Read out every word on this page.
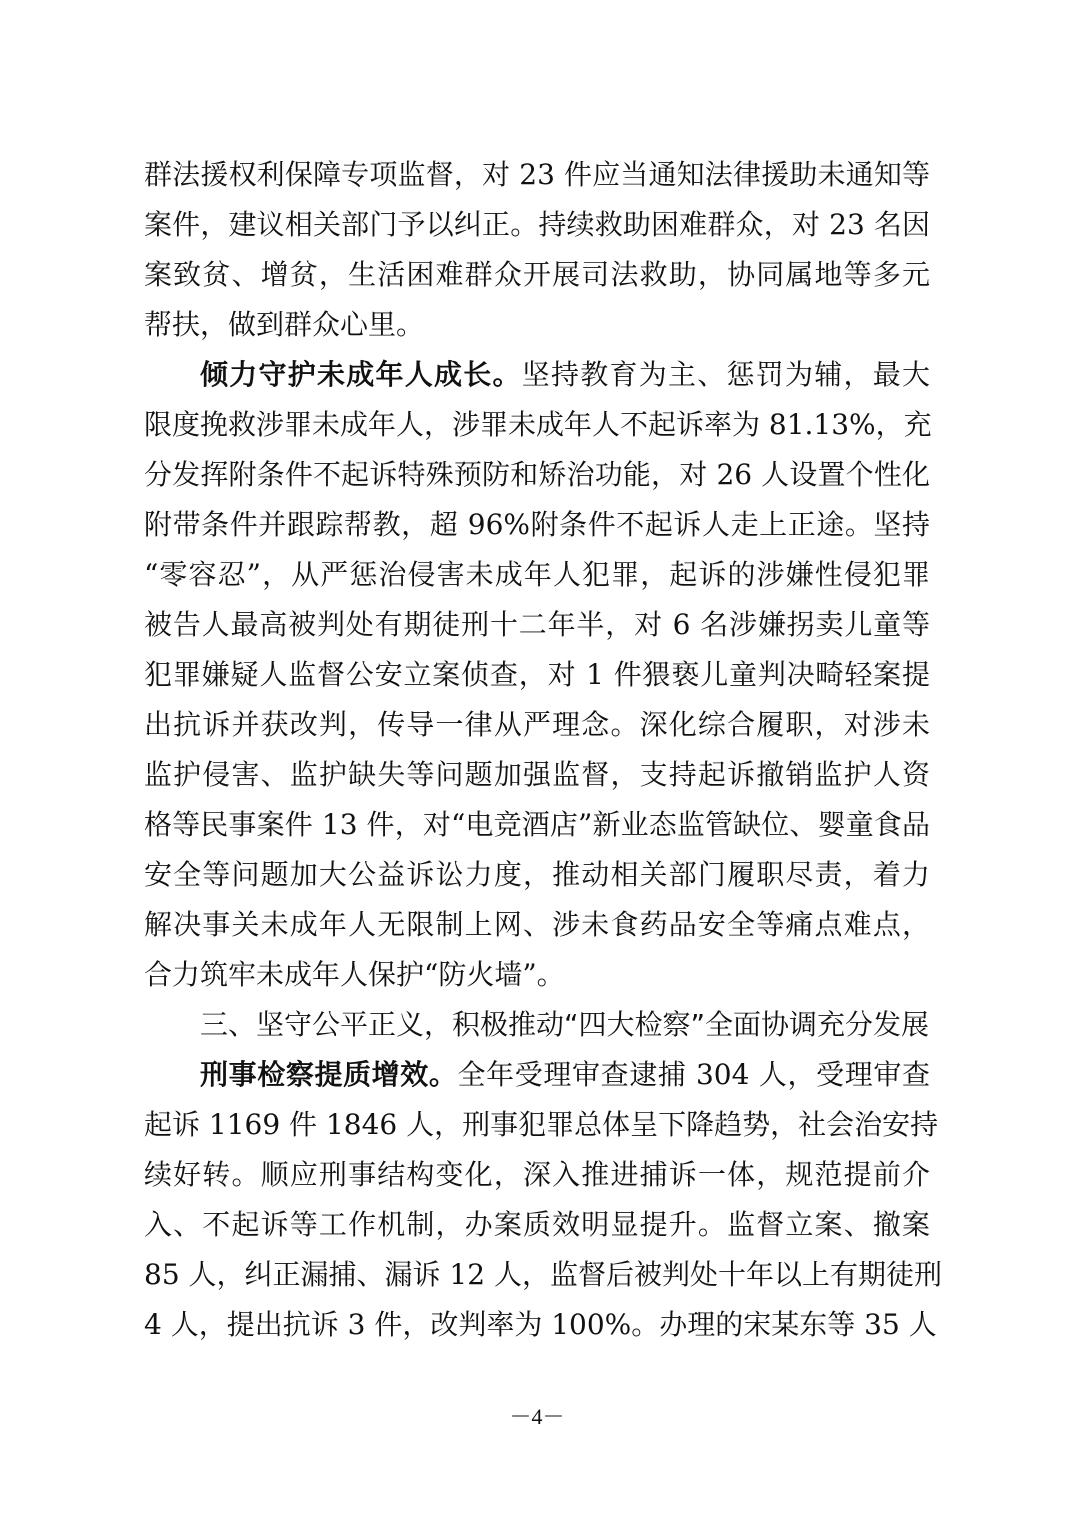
群法援权利保障专项监督，对 23 件应当通知法律援助未通知等
案件，建议相关部门予以纠正。持续救助困难群众，对 23 名因
案致贫、增贫，生活困难群众开展司法救助，协同属地等多元
帮扶，做到群众心里。
倾力守护未成年人成长。坚持教育为主、惩罚为辅，最大
限度挽救涉罪未成年人，涉罪未成年人不起诉率为 81.13%，充
分发挥附条件不起诉特殊预防和矫治功能，对 26 人设置个性化
附带条件并跟踪帮教，超 96%附条件不起诉人走上正途。坚持
“零容忍”，从严惩治侵害未成年人犯罪，起诉的涉嫌性侵犯罪
被告人最高被判处有期徒刑十二年半，对 6 名涉嫌拐卖儿童等
犯罪嫌疑人监督公安立案侦查，对 1 件猥亵儿童判决畸轻案提
出抗诉并获改判，传导一律从严理念。深化综合履职，对涉未
监护侵害、监护缺失等问题加强监督，支持起诉撤销监护人资
格等民事案件 13 件，对“电竞酒店”新业态监管缺位、婴童食品
安全等问题加大公益诉讼力度，推动相关部门履职尽责，着力
解决事关未成年人无限制上网、涉未食药品安全等痛点难点，
合力筑牢未成年人保护“防火墙”。
三、坚守公平正义，积极推动“四大检察”全面协调充分发展
刑事检察提质增效。全年受理审查逮捕 304 人，受理审查
起诉 1169 件 1846 人，刑事犯罪总体呈下降趋势，社会治安持
续好转。顺应刑事结构变化，深入推进捕诉一体，规范提前介
入、不起诉等工作机制，办案质效明显提升。监督立案、撤案
85 人，纠正漏捕、漏诉 12 人，监督后被判处十年以上有期徒刑
4 人，提出抗诉 3 件，改判率为 100%。办理的宋某东等 35 人
－4－
